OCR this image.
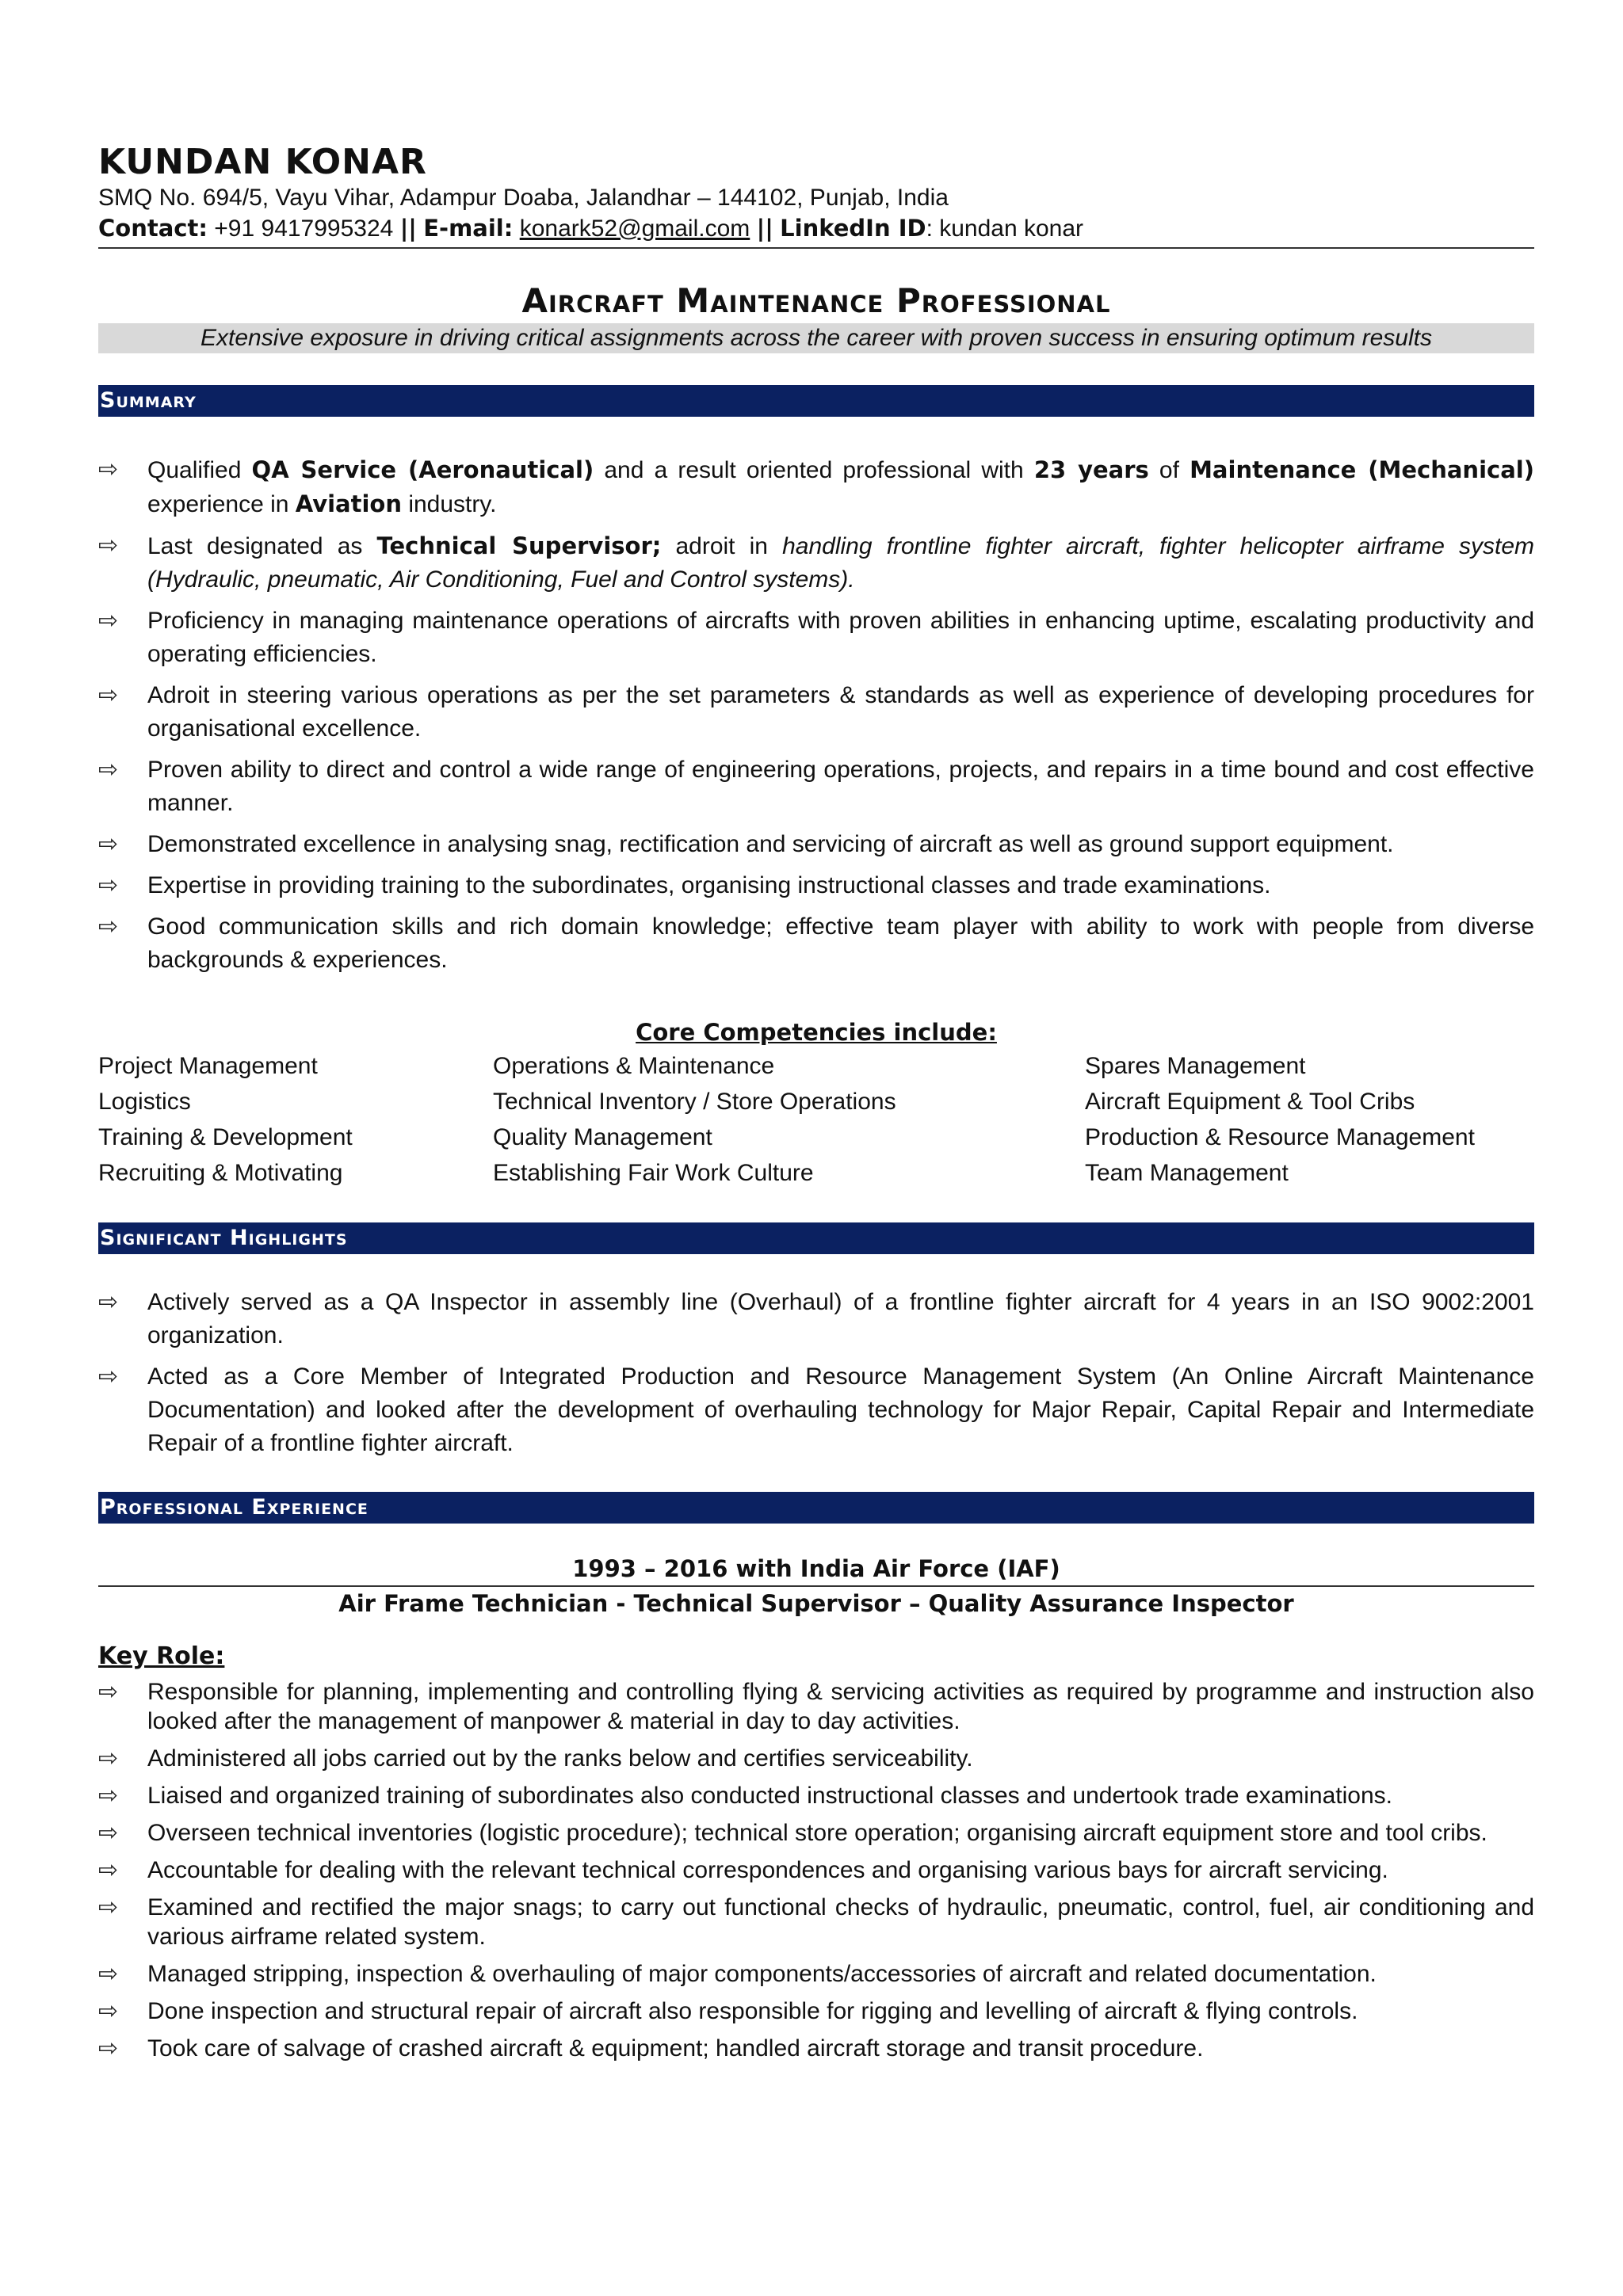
KUNDAN KONAR
SMQ No. 694/5, Vayu Vihar, Adampur Doaba, Jalandhar – 144102, Punjab, India
Contact: +91 9417995324 || E-mail: konark52@gmail.com || LinkedIn ID: kundan konar
Aircraft Maintenance Professional
Extensive exposure in driving critical assignments across the career with proven success in ensuring optimum results
Summary
⇨ Qualified QA Service (Aeronautical) and a result oriented professional with 23 years of Maintenance (Mechanical) experience in Aviation industry.
⇨ Last designated as Technical Supervisor; adroit in handling frontline fighter aircraft, fighter helicopter airframe system (Hydraulic, pneumatic, Air Conditioning, Fuel and Control systems).
⇨ Proficiency in managing maintenance operations of aircrafts with proven abilities in enhancing uptime, escalating productivity and operating efficiencies.
⇨ Adroit in steering various operations as per the set parameters & standards as well as experience of developing procedures for organisational excellence.
⇨ Proven ability to direct and control a wide range of engineering operations, projects, and repairs in a time bound and cost effective manner.
⇨ Demonstrated excellence in analysing snag, rectification and servicing of aircraft as well as ground support equipment.
⇨ Expertise in providing training to the subordinates, organising instructional classes and trade examinations.
⇨ Good communication skills and rich domain knowledge; effective team player with ability to work with people from diverse backgrounds & experiences.
Core Competencies include:
Project Management
Logistics
Training & Development
Recruiting & Motivating
Operations & Maintenance
Technical Inventory / Store Operations
Quality Management
Establishing Fair Work Culture
Spares Management
Aircraft Equipment & Tool Cribs
Production & Resource Management
Team Management
Significant Highlights
⇨ Actively served as a QA Inspector in assembly line (Overhaul) of a frontline fighter aircraft for 4 years in an ISO 9002:2001 organization.
⇨ Acted as a Core Member of Integrated Production and Resource Management System (An Online Aircraft Maintenance Documentation) and looked after the development of overhauling technology for Major Repair, Capital Repair and Intermediate Repair of a frontline fighter aircraft.
Professional Experience
1993 – 2016 with India Air Force (IAF)
Air Frame Technician - Technical Supervisor – Quality Assurance Inspector
Key Role:
⇨ Responsible for planning, implementing and controlling flying & servicing activities as required by programme and instruction also looked after the management of manpower & material in day to day activities.
⇨ Administered all jobs carried out by the ranks below and certifies serviceability.
⇨ Liaised and organized training of subordinates also conducted instructional classes and undertook trade examinations.
⇨ Overseen technical inventories (logistic procedure); technical store operation; organising aircraft equipment store and tool cribs.
⇨ Accountable for dealing with the relevant technical correspondences and organising various bays for aircraft servicing.
⇨ Examined and rectified the major snags; to carry out functional checks of hydraulic, pneumatic, control, fuel, air conditioning and various airframe related system.
⇨ Managed stripping, inspection & overhauling of major components/accessories of aircraft and related documentation.
⇨ Done inspection and structural repair of aircraft also responsible for rigging and levelling of aircraft & flying controls.
⇨ Took care of salvage of crashed aircraft & equipment; handled aircraft storage and transit procedure.
